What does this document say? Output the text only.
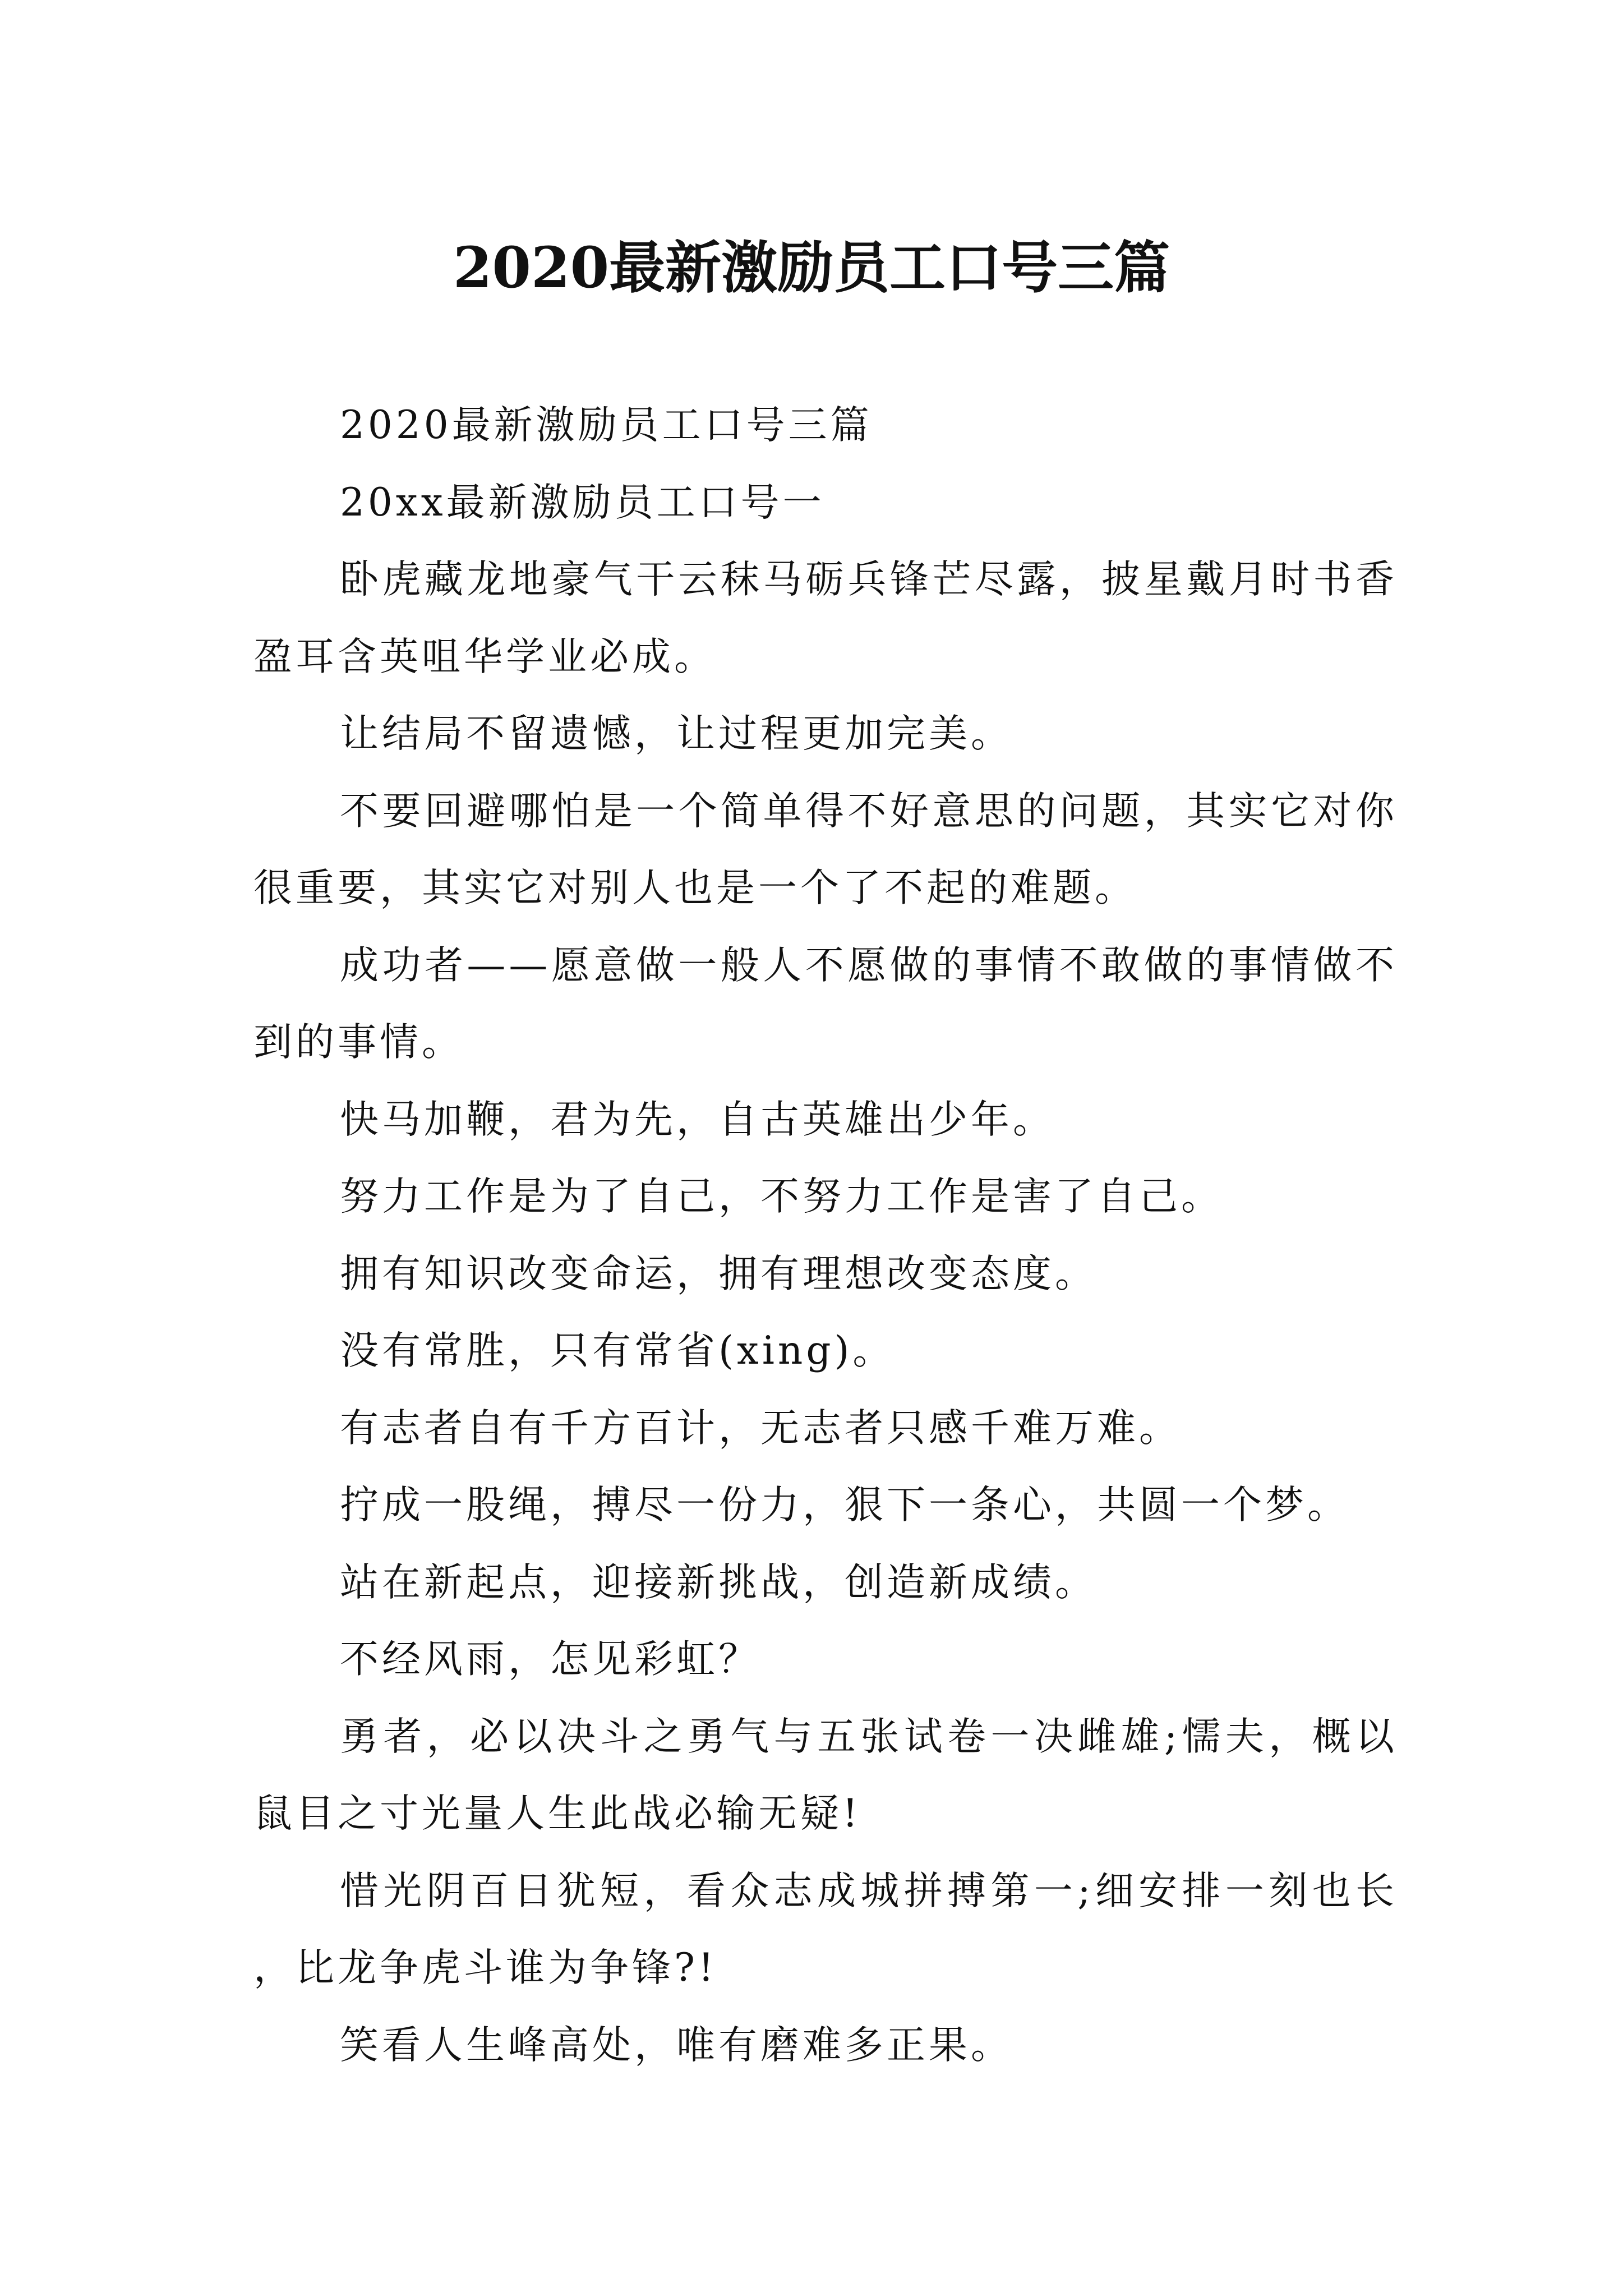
2020最新激励员工口号三篇

2020最新激励员工口号三篇

20xx最新激励员工口号一

卧虎藏龙地豪气干云秣马砺兵锋芒尽露，披星戴月时书香盈耳含英咀华学业必成。

让结局不留遗憾，让过程更加完美。

不要回避哪怕是一个简单得不好意思的问题，其实它对你很重要，其实它对别人也是一个了不起的难题。

成功者——愿意做一般人不愿做的事情不敢做的事情做不到的事情。

快马加鞭，君为先，自古英雄出少年。

努力工作是为了自己，不努力工作是害了自己。

拥有知识改变命运，拥有理想改变态度。

没有常胜，只有常省(xing)。

有志者自有千方百计，无志者只感千难万难。

拧成一股绳，搏尽一份力，狠下一条心，共圆一个梦。

站在新起点，迎接新挑战，创造新成绩。

不经风雨，怎见彩虹？

勇者，必以决斗之勇气与五张试卷一决雌雄;懦夫，概以鼠目之寸光量人生此战必输无疑!

惜光阴百日犹短，看众志成城拼搏第一;细安排一刻也长，比龙争虎斗谁为争锋?!

笑看人生峰高处，唯有磨难多正果。
